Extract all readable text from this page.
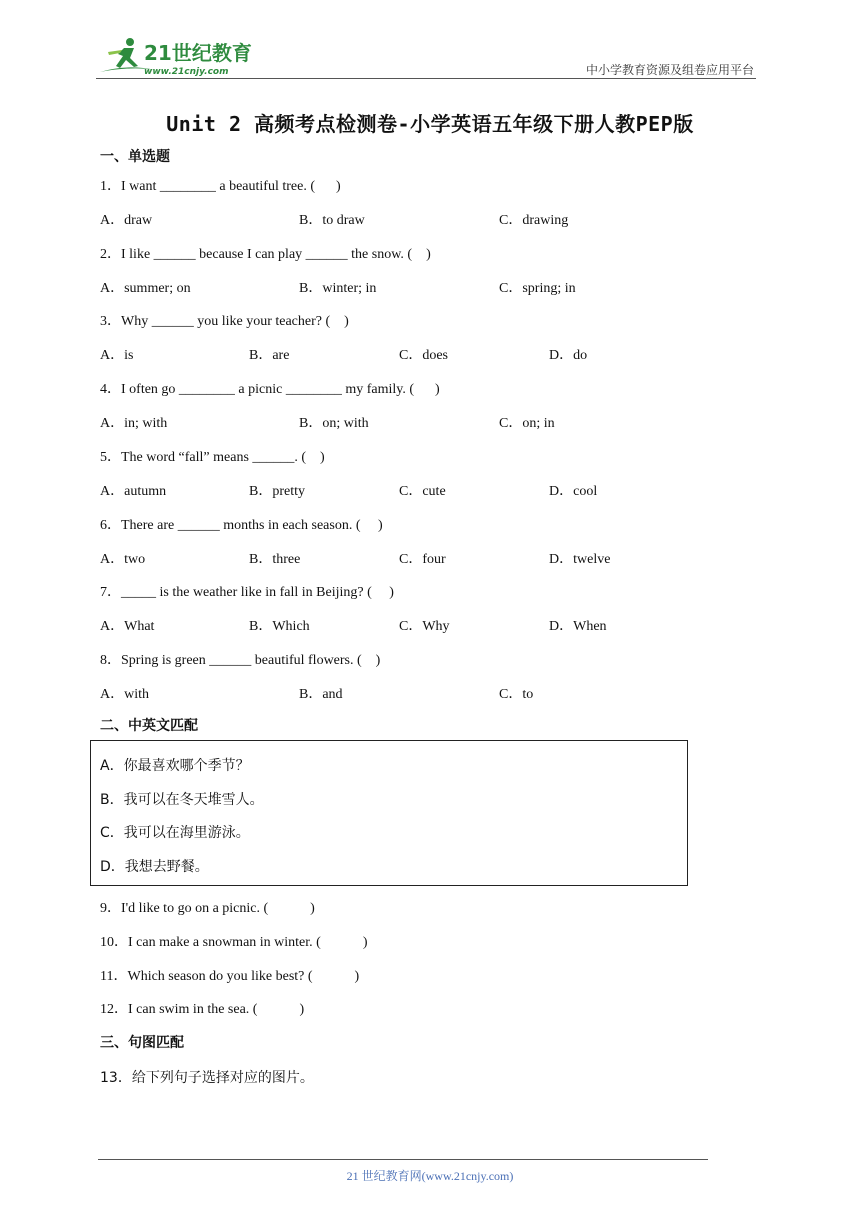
21世纪教育
www.21cnjy.com	中小学教育资源及组卷应用平台
Unit 2 高频考点检测卷-小学英语五年级下册人教PEP版
一、单选题
1．I want ________ a beautiful tree. (      )
A．draw	B．to draw	C．drawing
2．I like ______ because I can play ______ the snow. (    )
A．summer; on	B．winter; in	C．spring; in
3．Why ______ you like your teacher? (    )
A．is	B．are	C．does	D．do
4．I often go ________ a picnic ________ my family. (      )
A．in; with	B．on; with	C．on; in
5．The word “fall” means ______. (    )
A．autumn	B．pretty	C．cute	D．cool
6．There are ______ months in each season. (     )
A．two	B．three	C．four	D．twelve
7．_____ is the weather like in fall in Beijing? (     )
A．What	B．Which	C．Why	D．When
8．Spring is green ______ beautiful flowers. (    )
A．with	B．and	C．to
二、中英文匹配
A．你最喜欢哪个季节？
B．我可以在冬天堆雪人。
C．我可以在海里游泳。
D．我想去野餐。
9．I'd like to go on a picnic. (            )
10．I can make a snowman in winter. (            )
11．Which season do you like best? (            )
12．I can swim in the sea. (            )
三、句图匹配
13．给下列句子选择对应的图片。
21 世纪教育网(www.21cnjy.com)
